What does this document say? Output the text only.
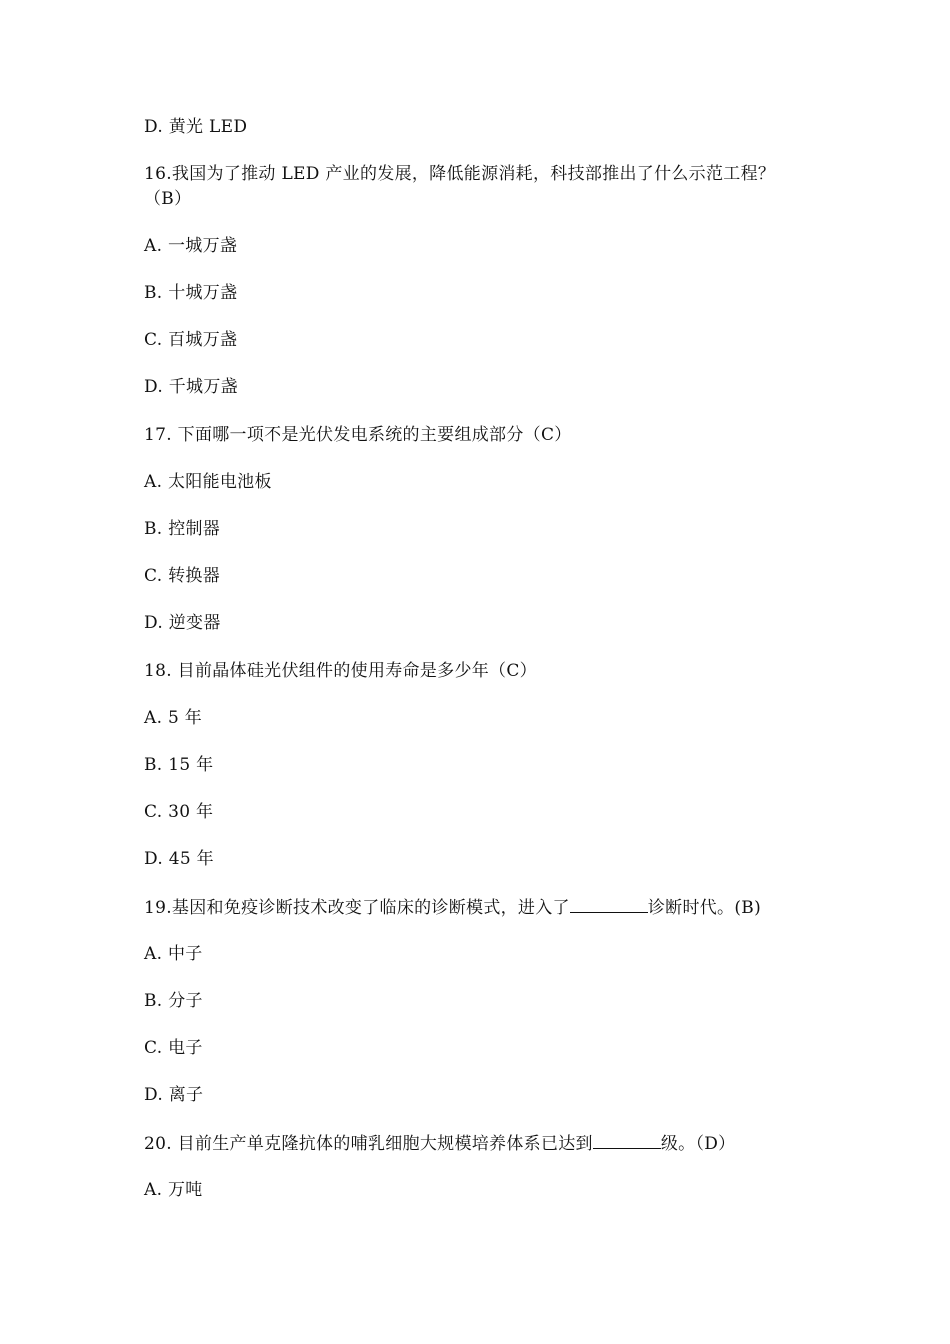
D. 黄光 LED
16.我国为了推动 LED 产业的发展，降低能源消耗，科技部推出了什么示范工程？
（B）
A. 一城万盏
B. 十城万盏
C. 百城万盏
D. 千城万盏
17. 下面哪一项不是光伏发电系统的主要组成部分（C）
A. 太阳能电池板
B. 控制器
C. 转换器
D. 逆变器
18. 目前晶体硅光伏组件的使用寿命是多少年（C）
A. 5 年
B. 15 年
C. 30 年
D. 45 年
19.基因和免疫诊断技术改变了临床的诊断模式，进入了	诊断时代。(B)
A. 中子
B. 分子
C. 电子
D. 离子
20. 目前生产单克隆抗体的哺乳细胞大规模培养体系已达到	级。（D）
A. 万吨
